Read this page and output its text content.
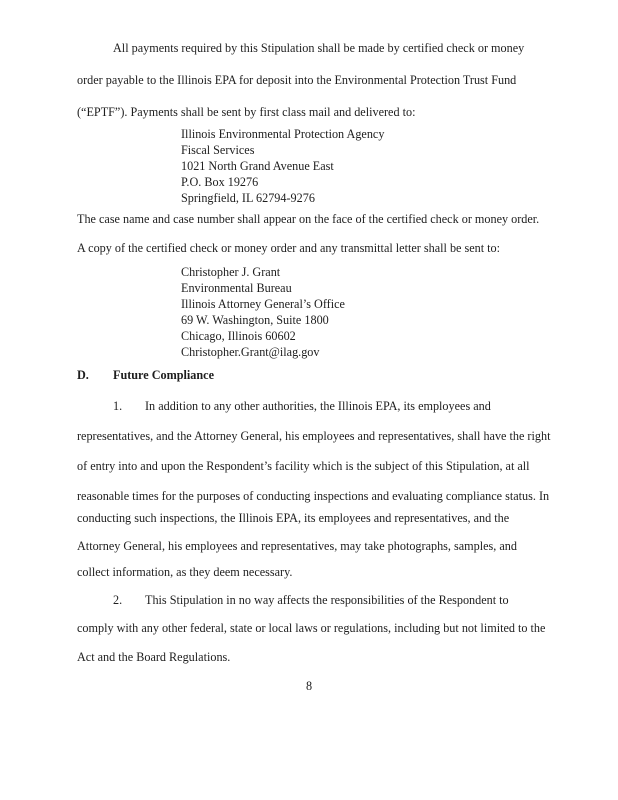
All payments required by this Stipulation shall be made by certified check or money
order payable to the Illinois EPA for deposit into the Environmental Protection Trust Fund
(“EPTF”). Payments shall be sent by first class mail and delivered to:
Illinois Environmental Protection Agency
Fiscal Services
1021 North Grand Avenue East
P.O. Box 19276
Springfield, IL 62794-9276
The case name and case number shall appear on the face of the certified check or money order.
A copy of the certified check or money order and any transmittal letter shall be sent to:
Christopher J. Grant
Environmental Bureau
Illinois Attorney General’s Office
69 W. Washington, Suite 1800
Chicago, Illinois 60602
Christopher.Grant@ilag.gov
D. Future Compliance
1. In addition to any other authorities, the Illinois EPA, its employees and
representatives, and the Attorney General, his employees and representatives, shall have the right
of entry into and upon the Respondent’s facility which is the subject of this Stipulation, at all
reasonable times for the purposes of conducting inspections and evaluating compliance status. In
conducting such inspections, the Illinois EPA, its employees and representatives, and the
Attorney General, his employees and representatives, may take photographs, samples, and
collect information, as they deem necessary.
2. This Stipulation in no way affects the responsibilities of the Respondent to
comply with any other federal, state or local laws or regulations, including but not limited to the
Act and the Board Regulations.
8
